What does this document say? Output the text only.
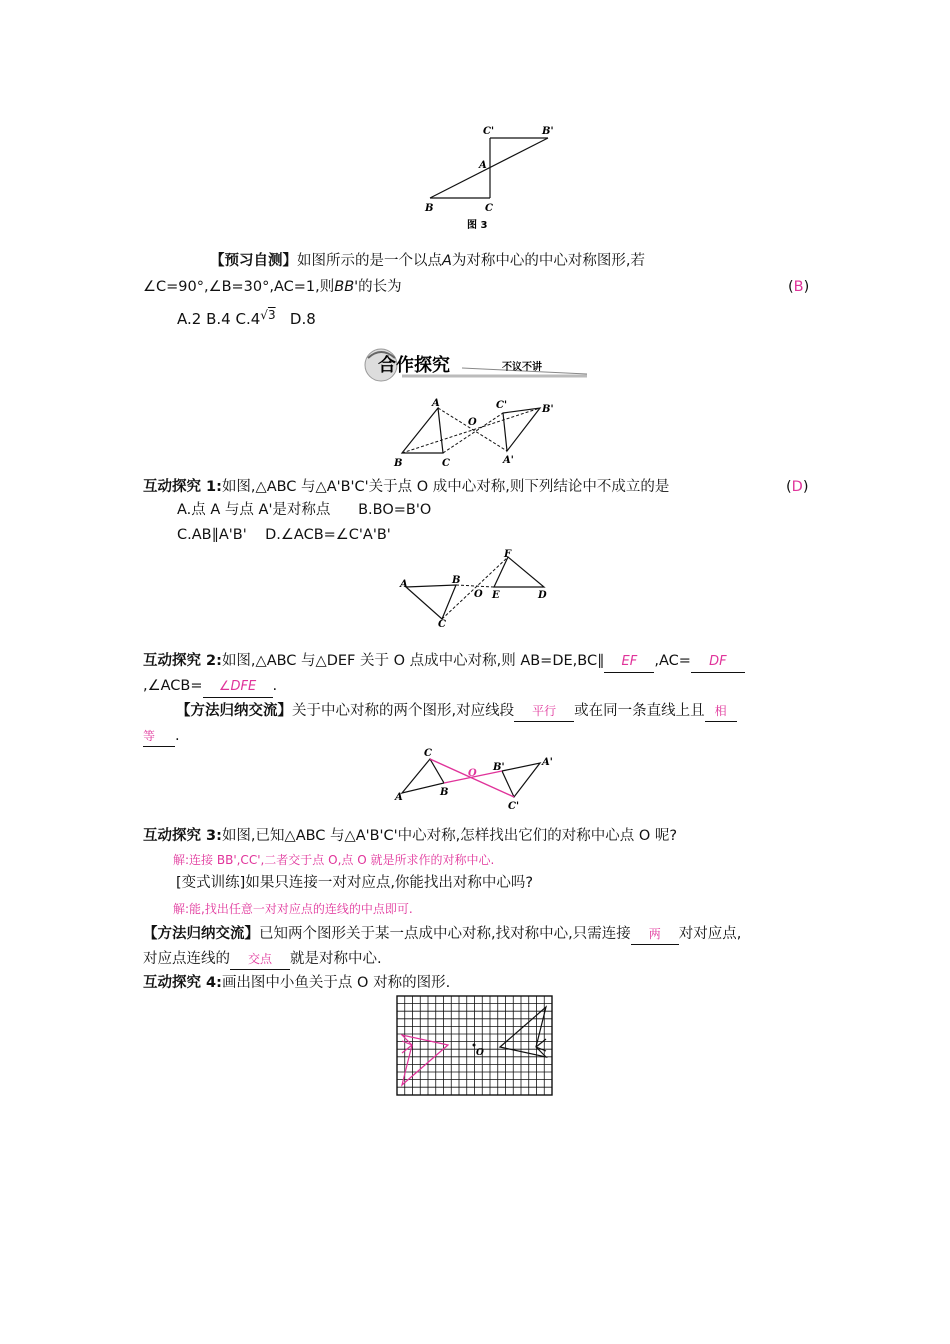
C'	B'
A
B	C
图 3
【预习自测】如图所示的是一个以点A为对称中心的中心对称图形,若
∠C=90°,∠B=30°,AC=1,则BB'的长为	(B)
A.2 B.4 $C.4^{√3}$ D.8
合作探究	不议不讲
A
B	C
O
C'	B'
A'
互动探究 1:如图,△ABC 与△A'B'C'关于点 O 成中心对称,则下列结论中不成立的是	(D)
A.点 A 与点 A'是对称点 B.BO=B'O
C.AB∥A'B' D.∠ACB=∠C'A'B'
A	B
C
O E	D
F
互动探究 2:如图,△ABC 与△DEF 关于 O 点成中心对称,则 AB=DE,BC∥ EF ,AC= DF
,∠ACB= ∠DFE .
【方法归纳交流】关于中心对称的两个图形,对应线段 平行 或在同一条直线上且 相
等 .
C
A	B
O
B'	A'
C'
互动探究 3:如图,已知△ABC 与△A'B'C'中心对称,怎样找出它们的对称中心点 O 呢?
解:连接 BB',CC',二者交于点 O,点 O 就是所求作的对称中心.
[变式训练]如果只连接一对对应点,你能找出对称中心吗?
解:能,找出任意一对对应点的连线的中点即可.
【方法归纳交流】已知两个图形关于某一点成中心对称,找对称中心,只需连接 两 对对应点,
对应点连线的 交点 就是对称中心.
互动探究 4:画出图中小鱼关于点 O 对称的图形.
O
